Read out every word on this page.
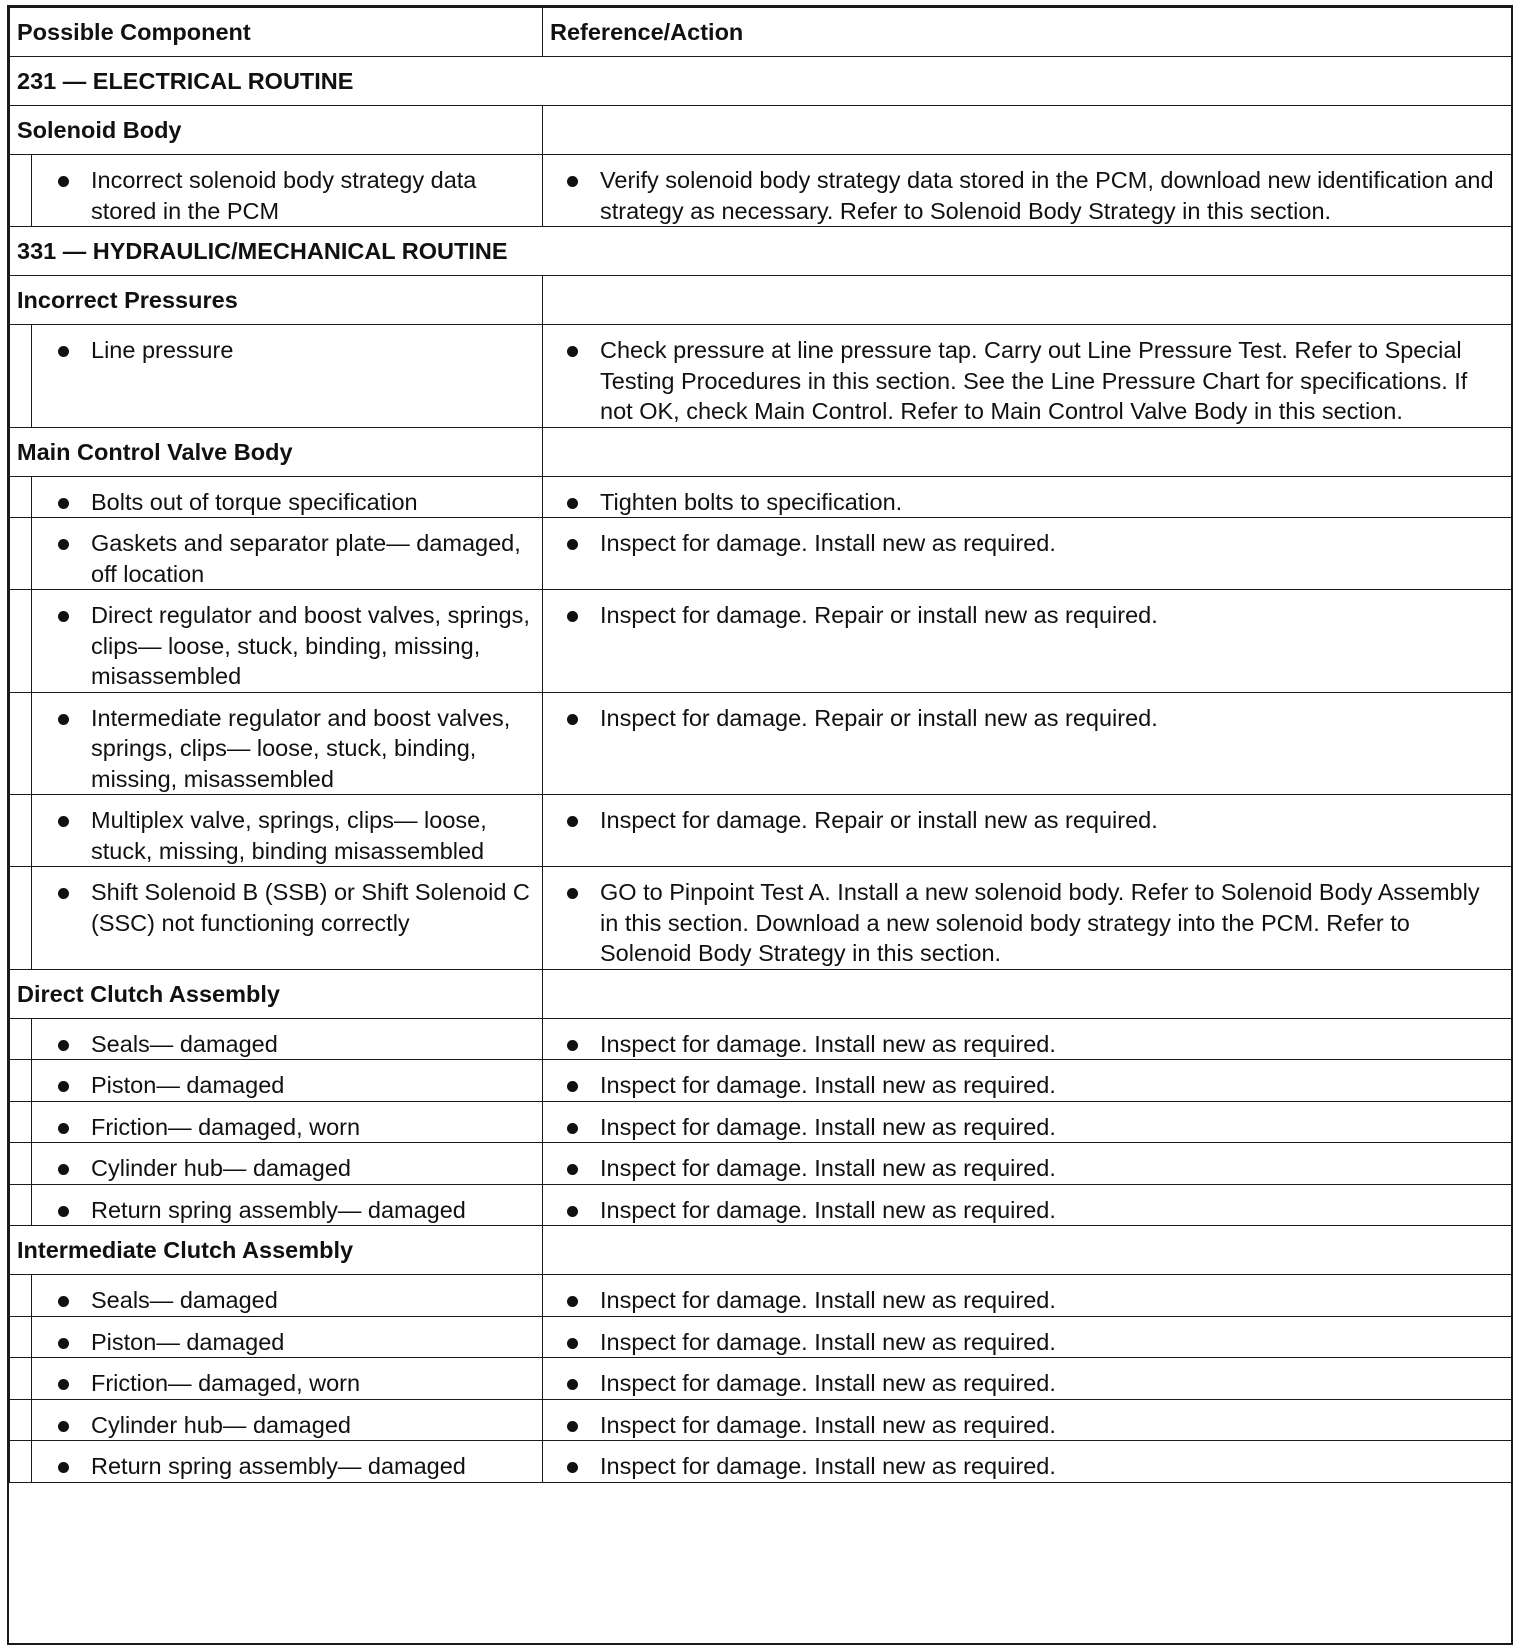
Possible Component		Reference/Action

231 — ELECTRICAL ROUTINE		

Solenoid Body		

	Incorrect solenoid body strategy data stored in the PCM	Verify solenoid body strategy data stored in the PCM, download new identification and strategy as necessary. Refer to Solenoid Body Strategy in this section.

331 — HYDRAULIC/MECHANICAL ROUTINE		

Incorrect Pressures		

	Line pressure	Check pressure at line pressure tap. Carry out Line Pressure Test. Refer to Special Testing Procedures in this section. See the Line Pressure Chart for specifications. If not OK, check Main Control. Refer to Main Control Valve Body in this section.

Main Control Valve Body		

	Bolts out of torque specification	Tighten bolts to specification.

	Gaskets and separator plate— damaged, off location	Inspect for damage. Install new as required.

	Direct regulator and boost valves, springs, clips— loose, stuck, binding, missing, misassembled	Inspect for damage. Repair or install new as required.

	Intermediate regulator and boost valves, springs, clips— loose, stuck, binding, missing, misassembled	Inspect for damage. Repair or install new as required.

	Multiplex valve, springs, clips— loose, stuck, missing, binding misassembled	Inspect for damage. Repair or install new as required.

	Shift Solenoid B (SSB) or Shift Solenoid C (SSC) not functioning correctly	GO to Pinpoint Test A. Install a new solenoid body. Refer to Solenoid Body Assembly in this section. Download a new solenoid body strategy into the PCM. Refer to Solenoid Body Strategy in this section.

Direct Clutch Assembly		

	Seals— damaged	Inspect for damage. Install new as required.

	Piston— damaged	Inspect for damage. Install new as required.

	Friction— damaged, worn	Inspect for damage. Install new as required.

	Cylinder hub— damaged	Inspect for damage. Install new as required.

	Return spring assembly— damaged	Inspect for damage. Install new as required.

Intermediate Clutch Assembly		

	Seals— damaged	Inspect for damage. Install new as required.

	Piston— damaged	Inspect for damage. Install new as required.

	Friction— damaged, worn	Inspect for damage. Install new as required.

	Cylinder hub— damaged	Inspect for damage. Install new as required.

	Return spring assembly— damaged	Inspect for damage. Install new as required.
